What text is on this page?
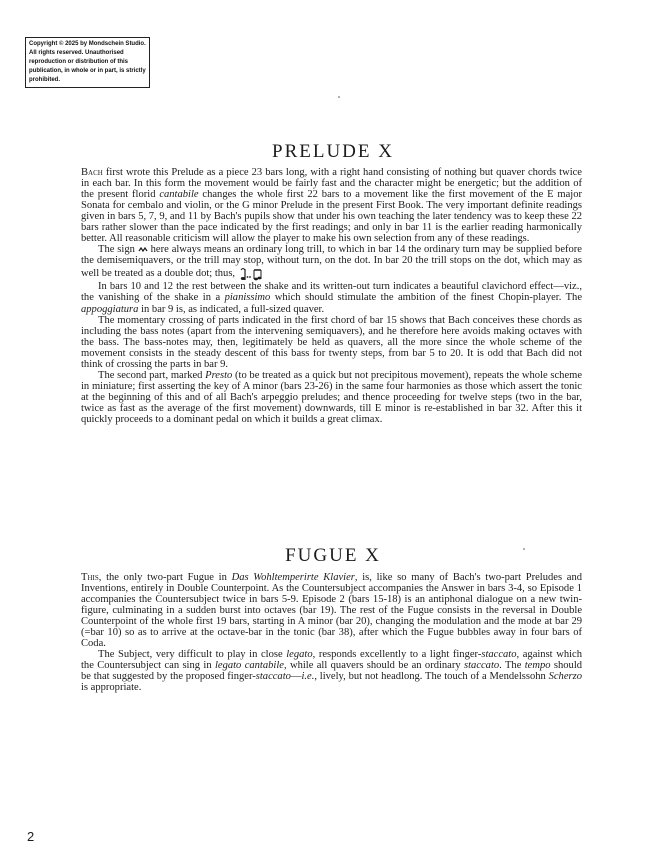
Copyright © 2025 by Mondschein Studio. All rights reserved. Unauthorised reproduction or distribution of this publication, in whole or in part, is strictly prohibited.
PRELUDE X

Bach first wrote this Prelude as a piece 23 bars long, with a right hand consisting of nothing but quaver chords twice in each bar. In this form the movement would be fairly fast and the character might be energetic; but the addition of the present florid cantabile changes the whole first 22 bars to a movement like the first movement of the E major Sonata for cembalo and violin, or the G minor Prelude in the present First Book. The very important definite readings given in bars 5, 7, 9, and 11 by Bach's pupils show that under his own teaching the later tendency was to keep these 22 bars rather slower than the pace indicated by the first readings; and only in bar 11 is the earlier reading harmonically better. All reasonable criticism will allow the player to make his own selection from any of these readings.

The sign  here always means an ordinary long trill, to which in bar 14 the ordinary turn may be supplied before the demisemiquavers, or the trill may stop, without turn, on the dot. In bar 20 the trill stops on the dot, which may as well be treated as a double dot; thus,

In bars 10 and 12 the rest between the shake and its written-out turn indicates a beautiful clavichord effect—viz., the vanishing of the shake in a pianissimo which should stimulate the ambition of the finest Chopin-player. The appoggiatura in bar 9 is, as indicated, a full-sized quaver.

The momentary crossing of parts indicated in the first chord of bar 15 shows that Bach conceives these chords as including the bass notes (apart from the intervening semiquavers), and he therefore here avoids making octaves with the bass. The bass-notes may, then, legitimately be held as quavers, all the more since the whole scheme of the movement consists in the steady descent of this bass for twenty steps, from bar 5 to 20. It is odd that Bach did not think of crossing the parts in bar 9.

The second part, marked Presto (to be treated as a quick but not precipitous movement), repeats the whole scheme in miniature; first asserting the key of A minor (bars 23-26) in the same four harmonies as those which assert the tonic at the beginning of this and of all Bach's arpeggio preludes; and thence proceeding for twelve steps (two in the bar, twice as fast as the average of the first movement) downwards, till E minor is re-established in bar 32. After this it quickly proceeds to a dominant pedal on which it builds a great climax.

FUGUE X

This, the only two-part Fugue in Das Wohltemperirte Klavier, is, like so many of Bach's two-part Preludes and Inventions, entirely in Double Counterpoint. As the Countersubject accompanies the Answer in bars 3-4, so Episode 1 accompanies the Countersubject twice in bars 5-9. Episode 2 (bars 15-18) is an antiphonal dialogue on a new twin-figure, culminating in a sudden burst into octaves (bar 19). The rest of the Fugue consists in the reversal in Double Counterpoint of the whole first 19 bars, starting in A minor (bar 20), changing the modulation and the mode at bar 29 (=bar 10) so as to arrive at the octave-bar in the tonic (bar 38), after which the Fugue bubbles away in four bars of Coda.

The Subject, very difficult to play in close legato, responds excellently to a light finger-staccato, against which the Countersubject can sing in legato cantabile, while all quavers should be an ordinary staccato. The tempo should be that suggested by the proposed finger-staccato—i.e., lively, but not headlong. The touch of a Mendelssohn Scherzo is appropriate.

2
